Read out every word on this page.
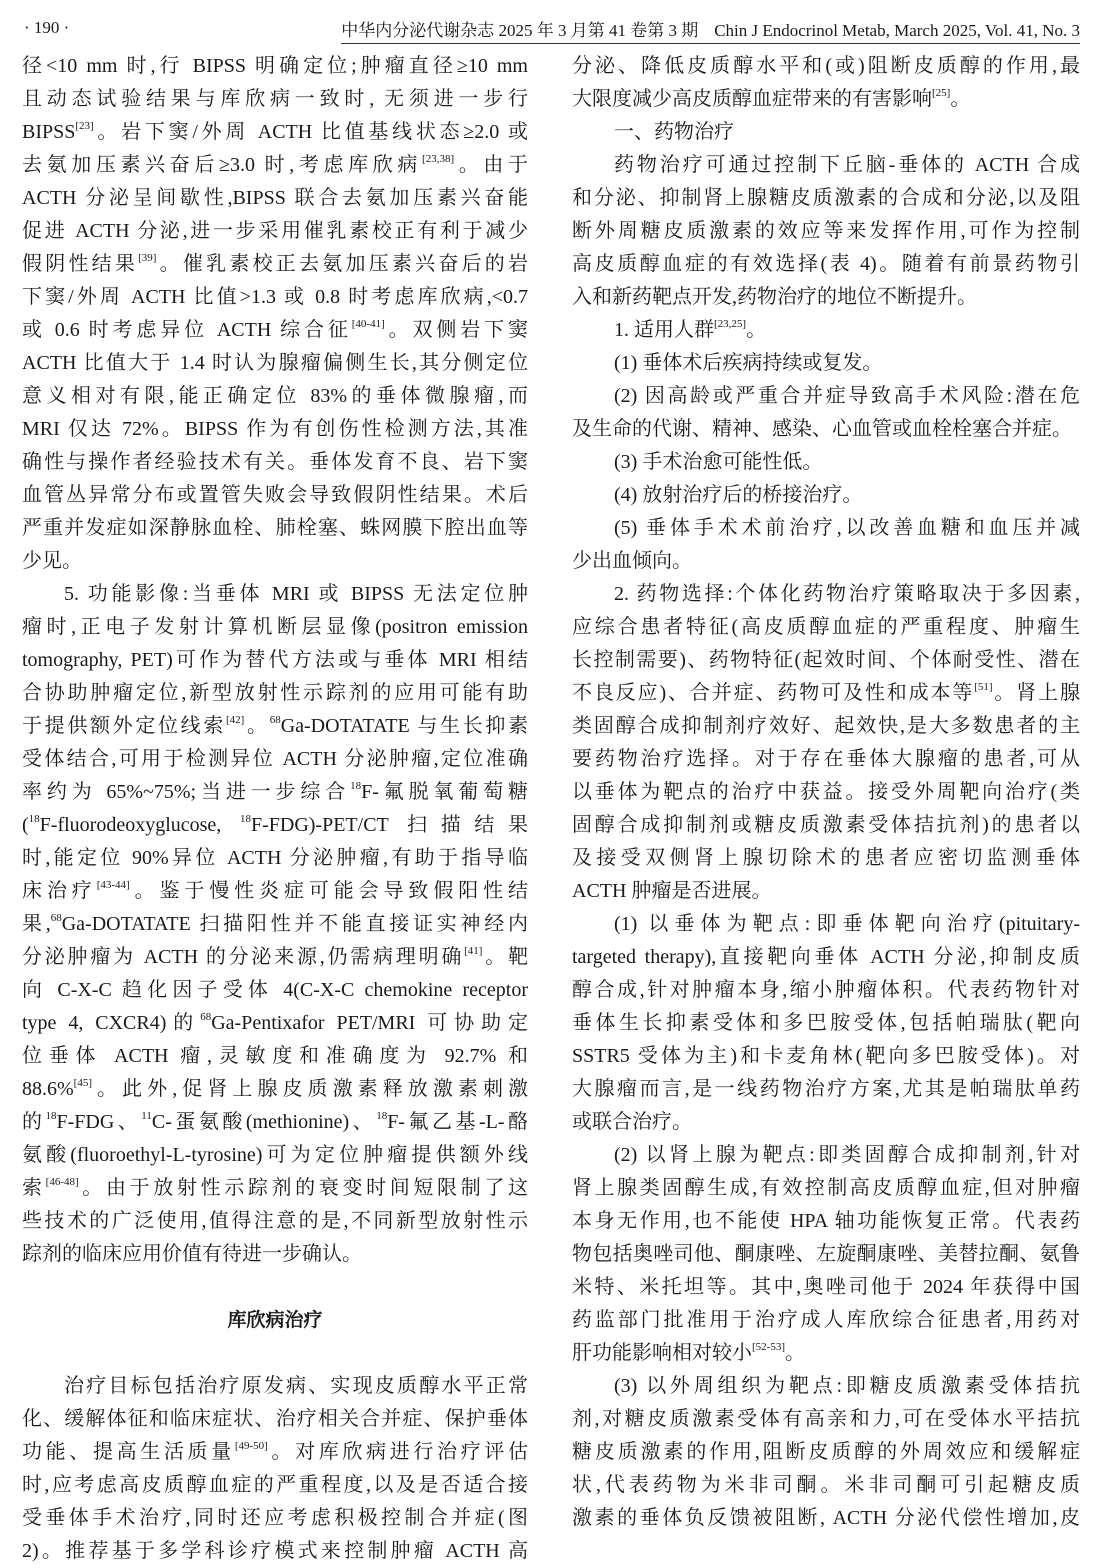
· 190 ·	中华内分泌代谢杂志 2025 年 3 月第 41 卷第 3 期 Chin J Endocrinol Metab, March 2025, Vol. 41, No. 3
径<10 mm 时,行 BIPSS 明确定位;肿瘤直径≥10 mm
且动态试验结果与库欣病一致时, 无须进一步行
BIPSS[23]。岩下窦/外周 ACTH 比值基线状态≥2.0 或
去氨加压素兴奋后≥3.0 时,考虑库欣病[23,38]。由于
ACTH 分泌呈间歇性,BIPSS 联合去氨加压素兴奋能
促进 ACTH 分泌,进一步采用催乳素校正有利于减少
假阴性结果[39]。催乳素校正去氨加压素兴奋后的岩
下窦/外周 ACTH 比值>1.3 或 0.8 时考虑库欣病,<0.7
或 0.6 时考虑异位 ACTH 综合征[40-41]。双侧岩下窦
ACTH 比值大于 1.4 时认为腺瘤偏侧生长,其分侧定位
意义相对有限,能正确定位 83%的垂体微腺瘤,而
MRI 仅达 72%。BIPSS 作为有创伤性检测方法,其准
确性与操作者经验技术有关。垂体发育不良、岩下窦
血管丛异常分布或置管失败会导致假阴性结果。术后
严重并发症如深静脉血栓、肺栓塞、蛛网膜下腔出血等
少见。
5. 功能影像:当垂体 MRI 或 BIPSS 无法定位肿
瘤时,正电子发射计算机断层显像(positron emission
tomography, PET)可作为替代方法或与垂体 MRI 相结
合协助肿瘤定位,新型放射性示踪剂的应用可能有助
于提供额外定位线索[42]。$^{68}$Ga-DOTATATE 与生长抑素
受体结合,可用于检测异位 ACTH 分泌肿瘤,定位准确
率约为 65%~75%;当进一步综合$^{18}$F-氟脱氧葡萄糖
($^{18}$F-fluorodeoxyglucose, $^{18}$F-FDG)-PET/CT 扫描结果
时,能定位 90%异位 ACTH 分泌肿瘤,有助于指导临
床治疗[43-44]。鉴于慢性炎症可能会导致假阳性结
果,$^{68}$Ga-DOTATATE 扫描阳性并不能直接证实神经内
分泌肿瘤为 ACTH 的分泌来源,仍需病理明确[41]。靶
向 C-X-C 趋化因子受体 4(C-X-C chemokine receptor
type 4, CXCR4)的$^{68}$Ga-Pentixafor PET/MRI 可协助定
位垂体 ACTH 瘤,灵敏度和准确度为 92.7% 和
88.6%[45]。此外,促肾上腺皮质激素释放激素刺激
的$^{18}$F-FDG、$^{11}$C-蛋氨酸(methionine)、$^{18}$F-氟乙基-L-酪
氨酸(fluoroethyl-L-tyrosine)可为定位肿瘤提供额外线
索[46-48]。由于放射性示踪剂的衰变时间短限制了这
些技术的广泛使用,值得注意的是,不同新型放射性示
踪剂的临床应用价值有待进一步确认。
库欣病治疗
治疗目标包括治疗原发病、实现皮质醇水平正常
化、缓解体征和临床症状、治疗相关合并症、保护垂体
功能、提高生活质量[49-50]。对库欣病进行治疗评估
时,应考虑高皮质醇血症的严重程度,以及是否适合接
受垂体手术治疗,同时还应考虑积极控制合并症(图
2)。推荐基于多学科诊疗模式来控制肿瘤 ACTH 高
分泌、降低皮质醇水平和(或)阻断皮质醇的作用,最
大限度减少高皮质醇血症带来的有害影响[25]。
一、药物治疗
药物治疗可通过控制下丘脑-垂体的 ACTH 合成
和分泌、抑制肾上腺糖皮质激素的合成和分泌,以及阻
断外周糖皮质激素的效应等来发挥作用,可作为控制
高皮质醇血症的有效选择(表 4)。随着有前景药物引
入和新药靶点开发,药物治疗的地位不断提升。
1. 适用人群[23,25]。
(1) 垂体术后疾病持续或复发。
(2) 因高龄或严重合并症导致高手术风险:潜在危
及生命的代谢、精神、感染、心血管或血栓栓塞合并症。
(3) 手术治愈可能性低。
(4) 放射治疗后的桥接治疗。
(5) 垂体手术术前治疗,以改善血糖和血压并减
少出血倾向。
2. 药物选择:个体化药物治疗策略取决于多因素,
应综合患者特征(高皮质醇血症的严重程度、肿瘤生
长控制需要)、药物特征(起效时间、个体耐受性、潜在
不良反应)、合并症、药物可及性和成本等[51]。肾上腺
类固醇合成抑制剂疗效好、起效快,是大多数患者的主
要药物治疗选择。对于存在垂体大腺瘤的患者,可从
以垂体为靶点的治疗中获益。接受外周靶向治疗(类
固醇合成抑制剂或糖皮质激素受体拮抗剂)的患者以
及接受双侧肾上腺切除术的患者应密切监测垂体
ACTH 肿瘤是否进展。
(1) 以垂体为靶点:即垂体靶向治疗(pituitary-
targeted therapy),直接靶向垂体 ACTH 分泌,抑制皮质
醇合成,针对肿瘤本身,缩小肿瘤体积。代表药物针对
垂体生长抑素受体和多巴胺受体,包括帕瑞肽(靶向
SSTR5 受体为主)和卡麦角林(靶向多巴胺受体)。对
大腺瘤而言,是一线药物治疗方案,尤其是帕瑞肽单药
或联合治疗。
(2) 以肾上腺为靶点:即类固醇合成抑制剂,针对
肾上腺类固醇生成,有效控制高皮质醇血症,但对肿瘤
本身无作用,也不能使 HPA 轴功能恢复正常。代表药
物包括奥唑司他、酮康唑、左旋酮康唑、美替拉酮、氨鲁
米特、米托坦等。其中,奥唑司他于 2024 年获得中国
药监部门批准用于治疗成人库欣综合征患者,用药对
肝功能影响相对较小[52-53]。
(3) 以外周组织为靶点:即糖皮质激素受体拮抗
剂,对糖皮质激素受体有高亲和力,可在受体水平拮抗
糖皮质激素的作用,阻断皮质醇的外周效应和缓解症
状,代表药物为米非司酮。米非司酮可引起糖皮质
激素的垂体负反馈被阻断, ACTH 分泌代偿性增加,皮
